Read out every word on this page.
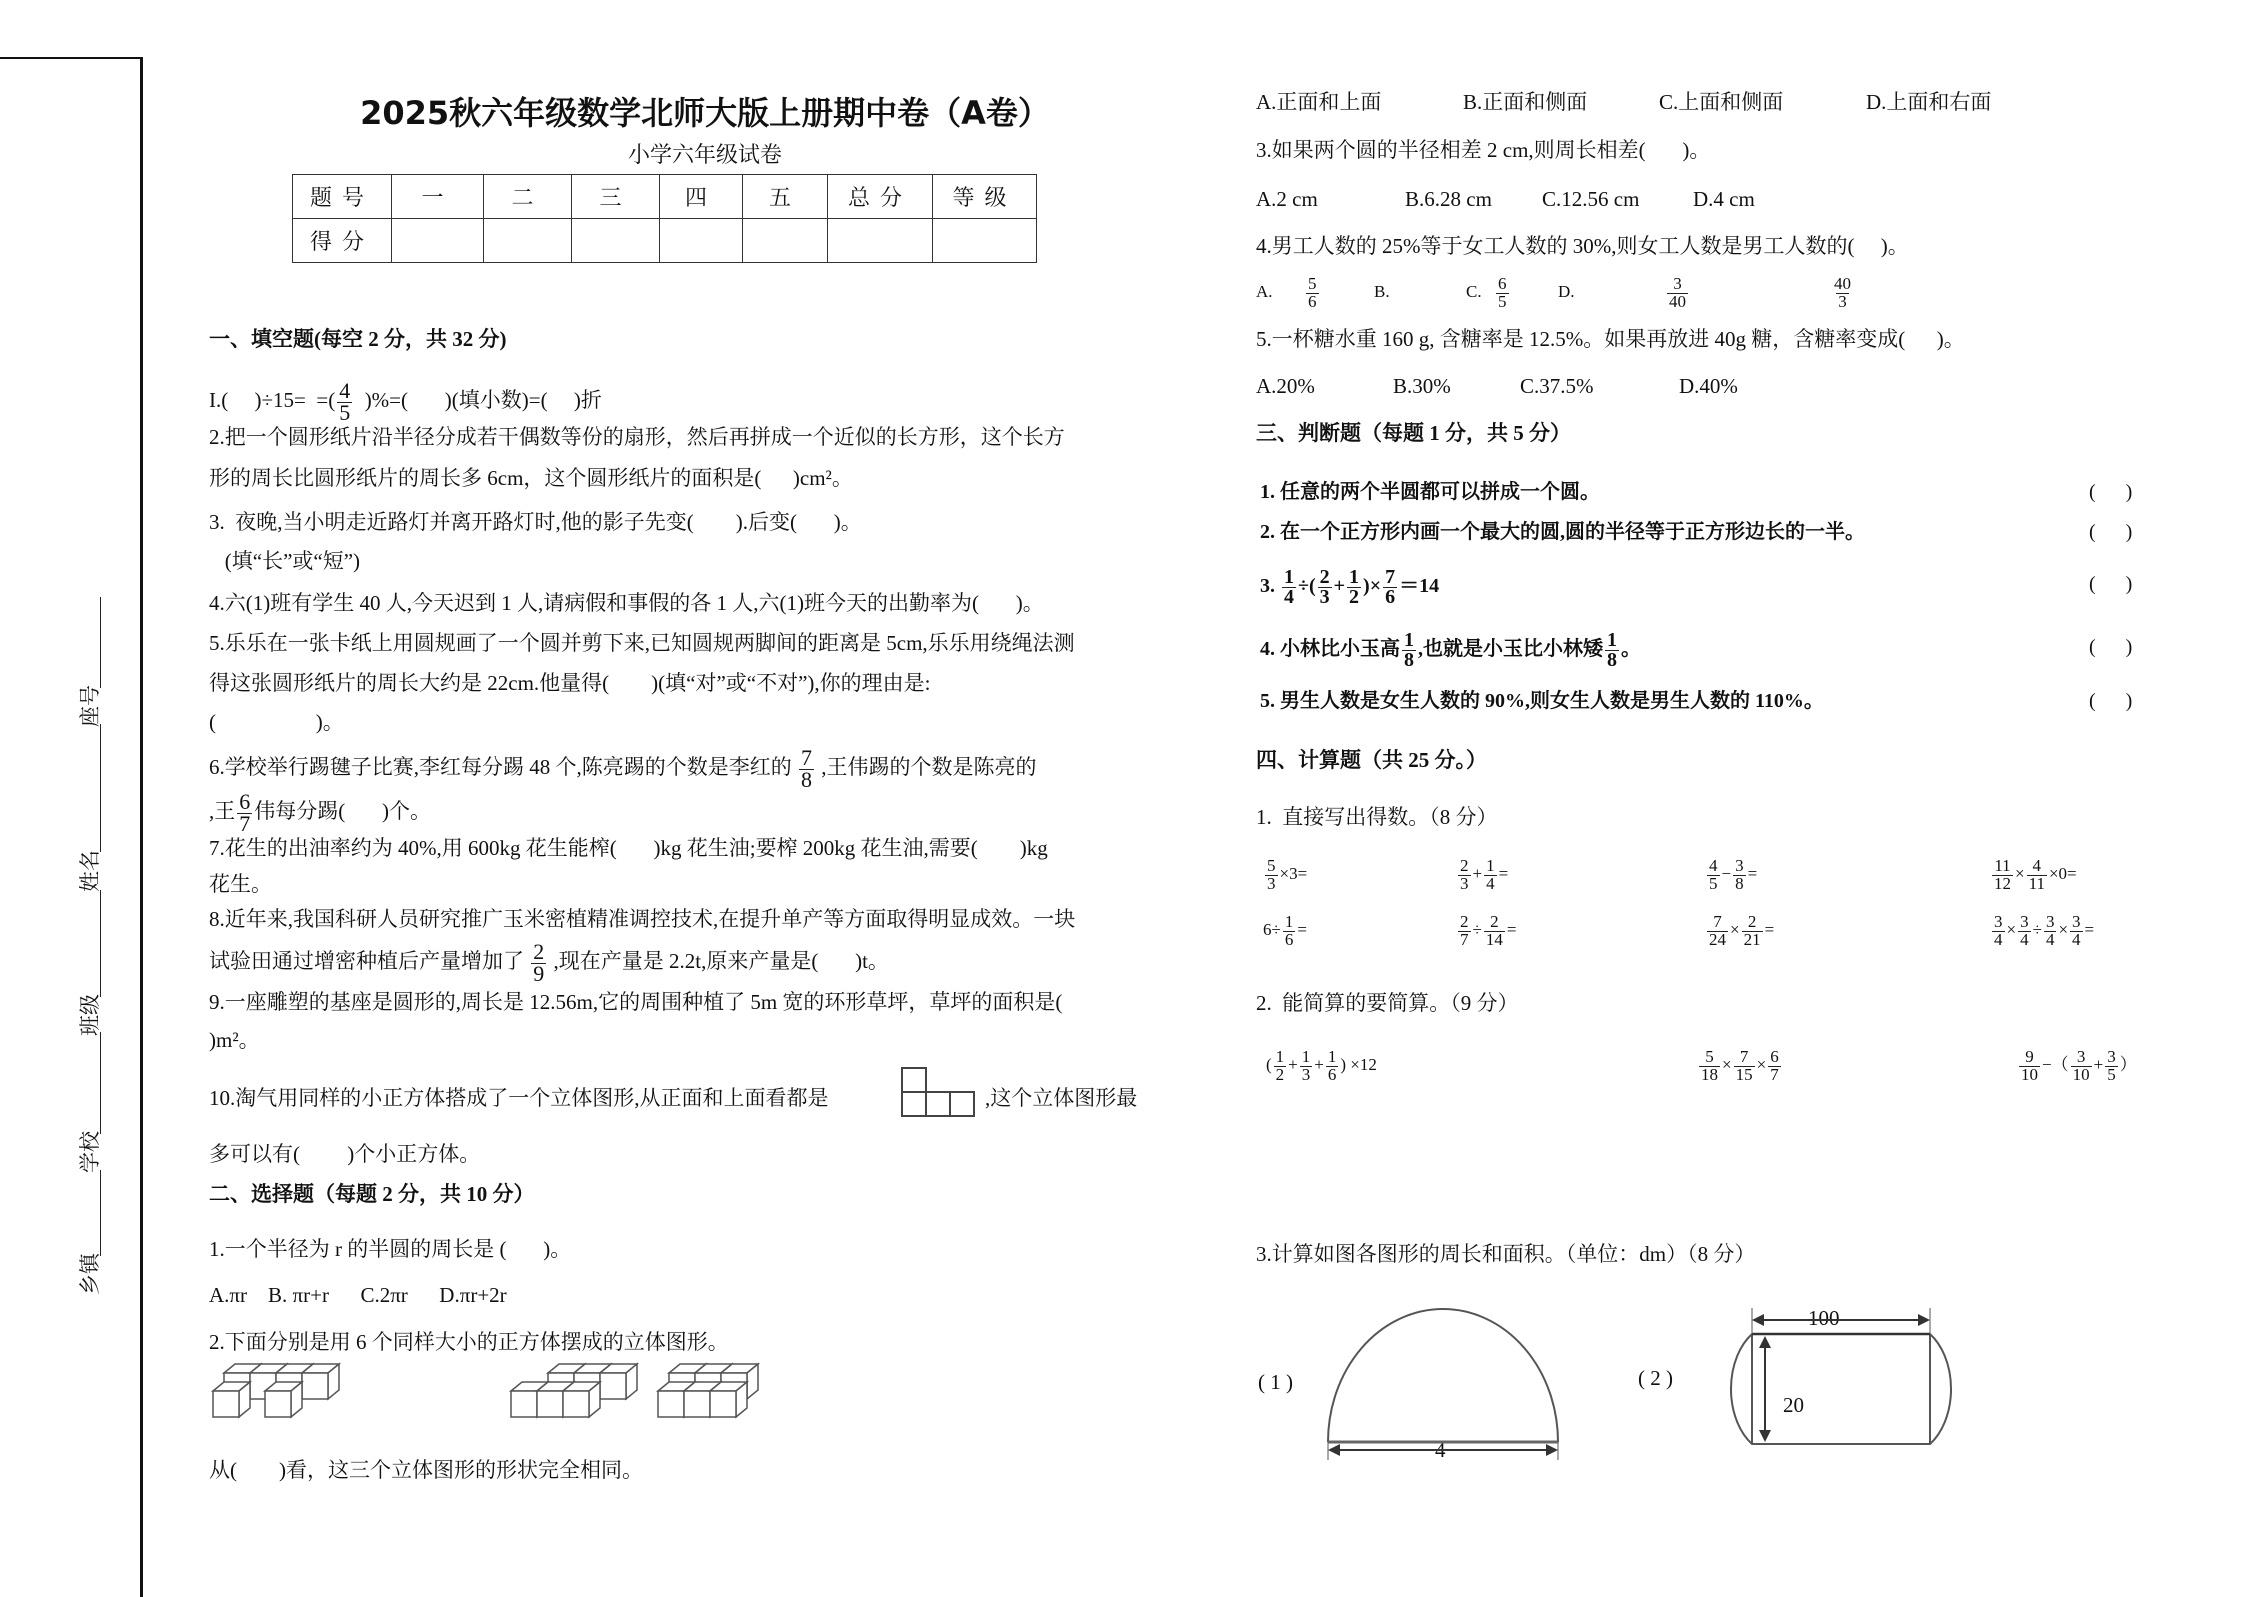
座号
姓名
班级
学校
乡镇
2025秋六年级数学北师大版上册期中卷（A卷）
小学六年级试卷
题号	一	二	三	四	五	总分	等级
得分							
一、填空题(每空 2 分，共 32 分)
I.(     )÷15=  =( $\frac{4}{5}$ )%=(       )(填小数)=(     )折
2.把一个圆形纸片沿半径分成若干偶数等份的扇形，然后再拼成一个近似的长方形，这个长方
形的周长比圆形纸片的周长多 6cm，这个圆形纸片的面积是(      )cm²。
3.  夜晚,当小明走近路灯并离开路灯时,他的影子先变(        ).后变(       )。
(填“长”或“短”)
4.六(1)班有学生 40 人,今天迟到 1 人,请病假和事假的各 1 人,六(1)班今天的出勤率为(       )。
5.乐乐在一张卡纸上用圆规画了一个圆并剪下来,已知圆规两脚间的距离是 5cm,乐乐用绕绳法测
得这张圆形纸片的周长大约是 22cm.他量得(        )(填“对”或“不对”),你的理由是:
(                   )。
6.学校举行踢毽子比赛,李红每分踢 48 个,陈亮踢的个数是李红的 $\frac{7}{8}$ ,王伟踢的个数是陈亮的
,王 $\frac{6}{7}$ 伟每分踢(       )个。
7.花生的出油率约为 40%,用 600kg 花生能榨(       )kg 花生油;要榨 200kg 花生油,需要(        )kg
花生。
8.近年来,我国科研人员研究推广玉米密植精准调控技术,在提升单产等方面取得明显成效。一块
试验田通过增密种植后产量增加了 $\frac{2}{9}$ ,现在产量是 2.2t,原来产量是(       )t。
9.一座雕塑的基座是圆形的,周长是 12.56m,它的周围种植了 5m 宽的环形草坪，草坪的面积是(
)m²。
10.淘气用同样的小正方体搭成了一个立体图形,从正面和上面看都是	,这个立体图形最
多可以有(         )个小正方体。
二、选择题（每题 2 分，共 10 分）
1.一个半径为 r 的半圆的周长是 (       )。
A.πr    B. πr+r      C.2πr      D.πr+2r
2.下面分别是用 6 个同样大小的正方体摆成的立体图形。
从(        )看，这三个立体图形的形状完全相同。
A.正面和上面	B.正面和侧面	C.上面和侧面	D.上面和右面
3.如果两个圆的半径相差 2 cm,则周长相差(       )。
A.2 cm	B.6.28 cm C.12.56 cm	D.4 cm
4.男工人数的 25%等于女工人数的 30%,则女工人数是男工人数的(     )。
A. $\frac{5}{6}$	B.	C. $\frac{6}{5}$	D.	$\frac{3}{40}$	$\frac{40}{3}$
5.一杯糖水重 160 g, 含糖率是 12.5%。如果再放进 40g 糖，含糖率变成(      )。
A.20%	B.30%	C.37.5%	D.40%
三、判断题（每题 1 分，共 5 分）
1. 任意的两个半圆都可以拼成一个圆。	(      )
2. 在一个正方形内画一个最大的圆,圆的半径等于正方形边长的一半。	(      )
3. $\frac{1}{4}$ ÷( $\frac{2}{3} + \frac{1}{2}$ )× $\frac{7}{6} =14$	(      )
4. 小林比小玉高 $\frac{1}{8}$ ,也就是小玉比小林矮 $\frac{1}{8}$ 。	(      )
5. 男生人数是女生人数的 90%,则女生人数是男生人数的 110%。	(      )
四、计算题（共 25 分。）
1.  直接写出得数。（8 分）
$\frac{5}{3} \times 3=$	$\frac{2}{3} + \frac{1}{4}$ =	$\frac{4}{5} - \frac{3}{8}$ =	$\frac{11}{12} \times \frac{4}{11} \times 0=$
$6\div \frac{1}{6}$ =	$\frac{2}{7} \div \frac{2}{14}$ =	$\frac{7}{24} \times \frac{2}{21}$ =	$\frac{3}{4} \times \frac{3}{4} \div \frac{3}{4} \times \frac{3}{4}$ =
2.  能简算的要简算。（9 分）
( $\frac{1}{2} + \frac{1}{3} + \frac{1}{6}$ ) ×12	$\frac{5}{18} \times \frac{7}{15} \times \frac{6}{7}$	$\frac{9}{10}$ −（ $\frac{3}{10} + \frac{3}{5}$ ）
3.计算如图各图形的周长和面积。（单位：dm）（8 分）
( 1 )
4
( 2 )
100
20
